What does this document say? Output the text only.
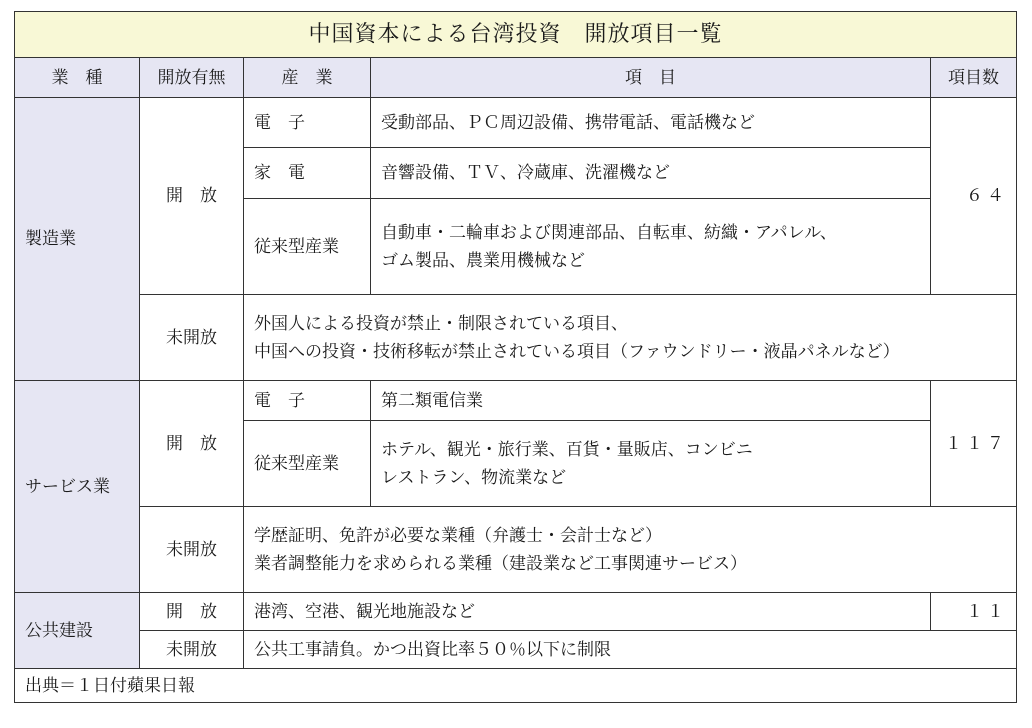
中国資本による台湾投資　開放項目一覧				
業　種	開放有無	産　業	項　目	項目数
製造業	開　放	電　子	受動部品、ＰＣ周辺設備、携帯電話、電話機など	６４
		家　電	音響設備、ＴＶ、冷蔵庫、洗濯機など	
		従来型産業	自動車・二輪車および関連部品、自転車、紡織・アパレル、
ゴム製品、農業用機械など	

	未開放	外国人による投資が禁止・制限されている項目、
中国への投資・技術移転が禁止されている項目（ファウンドリー・液晶パネルなど）		

サービス業	開　放	電　子	第二類電信業	１１７
		従来型産業	ホテル、観光・旅行業、百貨・量販店、コンビニ
レストラン、物流業など	

	未開放	学歴証明、免許が必要な業種（弁護士・会計士など）
業者調整能力を求められる業種（建設業など工事関連サービス）		

公共建設	開　放	港湾、空港、観光地施設など		１１
	未開放	公共工事請負。かつ出資比率５０％以下に制限		
出典＝１日付蘋果日報				
